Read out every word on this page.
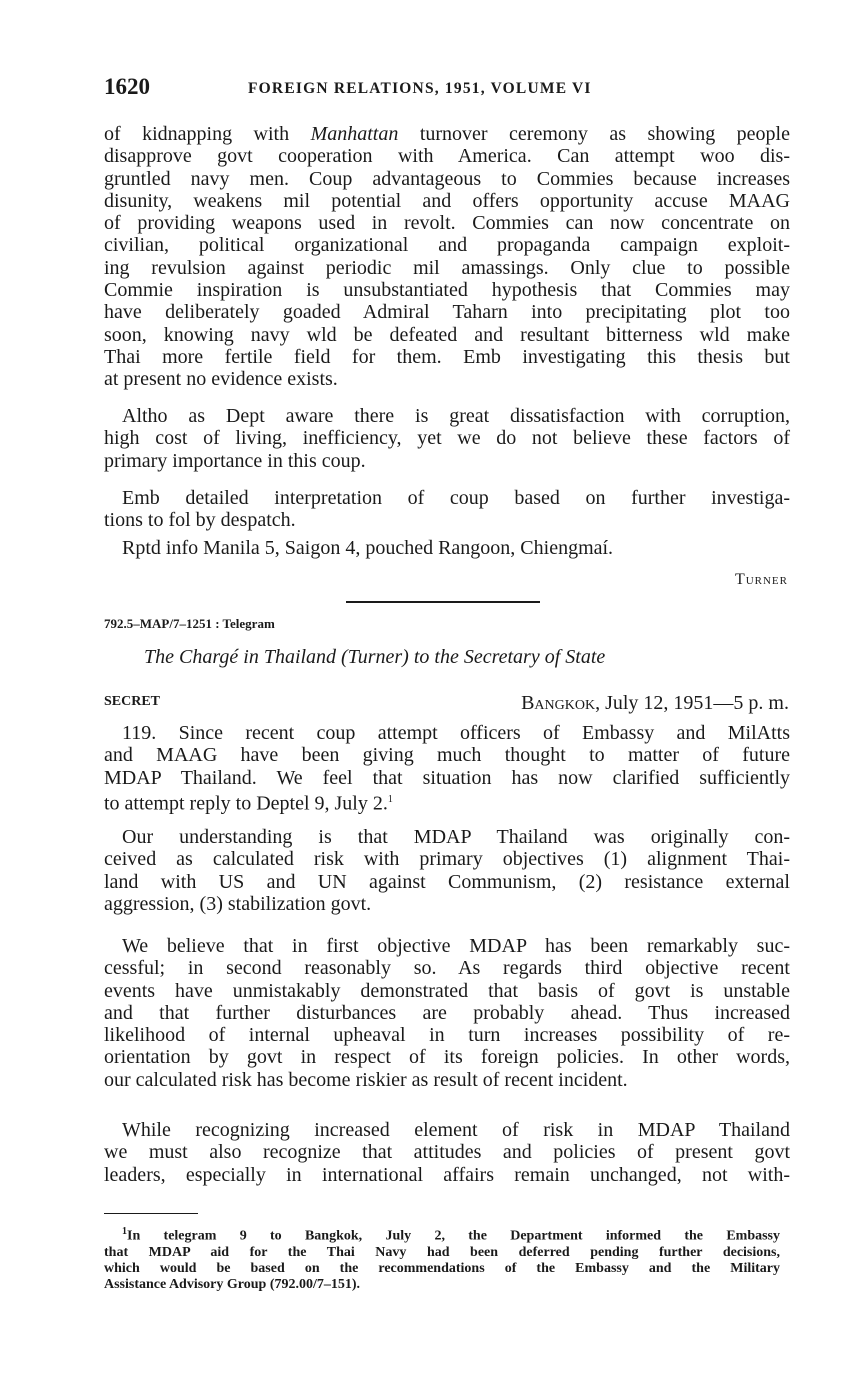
1620	FOREIGN RELATIONS, 1951, VOLUME VI
of kidnapping with Manhattan turnover ceremony as showing people
disapprove govt cooperation with America. Can attempt woo dis-
gruntled navy men. Coup advantageous to Commies because increases
disunity, weakens mil potential and offers opportunity accuse MAAG
of providing weapons used in revolt. Commies can now concentrate on
civilian, political organizational and propaganda campaign exploit-
ing revulsion against periodic mil amassings. Only clue to possible
Commie inspiration is unsubstantiated hypothesis that Commies may
have deliberately goaded Admiral Taharn into precipitating plot too
soon, knowing navy wld be defeated and resultant bitterness wld make
Thai more fertile field for them. Emb investigating this thesis but
at present no evidence exists.
Altho as Dept aware there is great dissatisfaction with corruption,
high cost of living, inefficiency, yet we do not believe these factors of
primary importance in this coup.
Emb detailed interpretation of coup based on further investiga-
tions to fol by despatch.
Rptd info Manila 5, Saigon 4, pouched Rangoon, Chiengmaí.
Turner
792.5–MAP/7–1251 : Telegram
The Chargé in Thailand (Turner) to the Secretary of State
SECRET	Bangkok, July 12, 1951—5 p. m.
119. Since recent coup attempt officers of Embassy and MilAtts
and MAAG have been giving much thought to matter of future
MDAP Thailand. We feel that situation has now clarified sufficiently
to attempt reply to Deptel 9, July 2.$^1$
Our understanding is that MDAP Thailand was originally con-
ceived as calculated risk with primary objectives (1) alignment Thai-
land with US and UN against Communism, (2) resistance external
aggression, (3) stabilization govt.
We believe that in first objective MDAP has been remarkably suc-
cessful; in second reasonably so. As regards third objective recent
events have unmistakably demonstrated that basis of govt is unstable
and that further disturbances are probably ahead. Thus increased
likelihood of internal upheaval in turn increases possibility of re-
orientation by govt in respect of its foreign policies. In other words,
our calculated risk has become riskier as result of recent incident.
While recognizing increased element of risk in MDAP Thailand
we must also recognize that attitudes and policies of present govt
leaders, especially in international affairs remain unchanged, not with-
$^1$In telegram 9 to Bangkok, July 2, the Department informed the Embassy
that MDAP aid for the Thai Navy had been deferred pending further decisions,
which would be based on the recommendations of the Embassy and the Military
Assistance Advisory Group (792.00/7–151).
